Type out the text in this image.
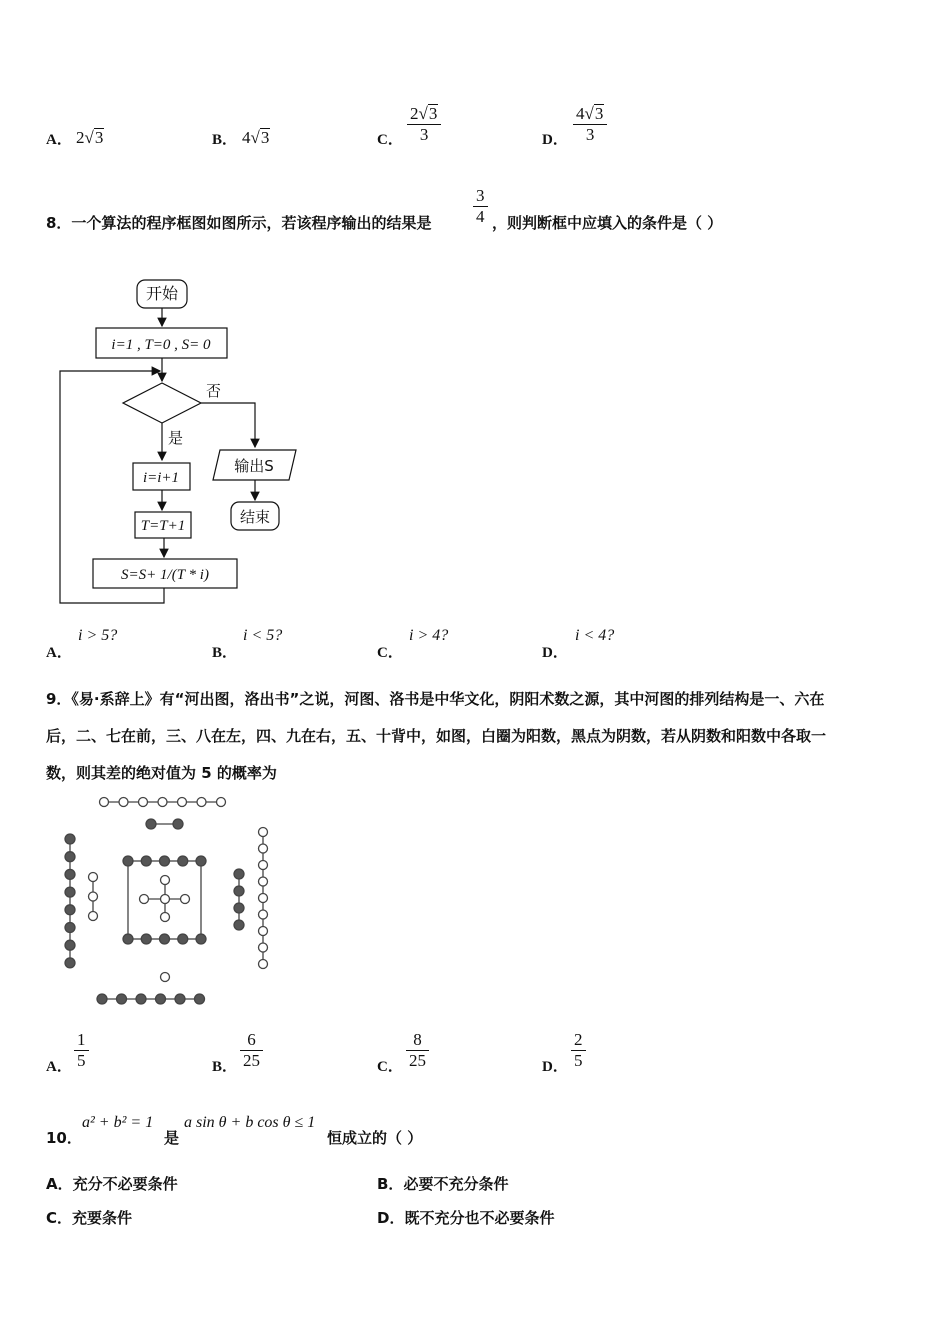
A． 2√3	B． 4√3	C．
2√3
3	D．
4√3
3
8．一个算法的程序框图如图所示，若该程序输出的结果是
3
4 ，则判断框中应填入的条件是（ ）
开始
i=1 , T=0 , S= 0
否
是
i=i+1
T=T+1
S=S+ 1/(T * i)
输出S
结束
A．
i > 5?
B．
i < 5?
C．
i > 4?
D．
i < 4?
9．《易·系辞上》有“河出图，洛出书”之说，河图、洛书是中华文化，阴阳术数之源，其中河图的排列结构是一、六在
后，二、七在前，三、八在左，四、九在右，五、十背中，如图，白圈为阳数，黑点为阴数，若从阴数和阳数中各取一
数，则其差的绝对值为 5 的概率为
A．
1
5	B．
6
25	C．
8
25	D．
2
5
10．
a² + b² = 1
是
a sin θ + b cos θ ≤ 1
恒成立的（ ）
A．充分不必要条件	B．必要不充分条件
C．充要条件	D．既不充分也不必要条件
